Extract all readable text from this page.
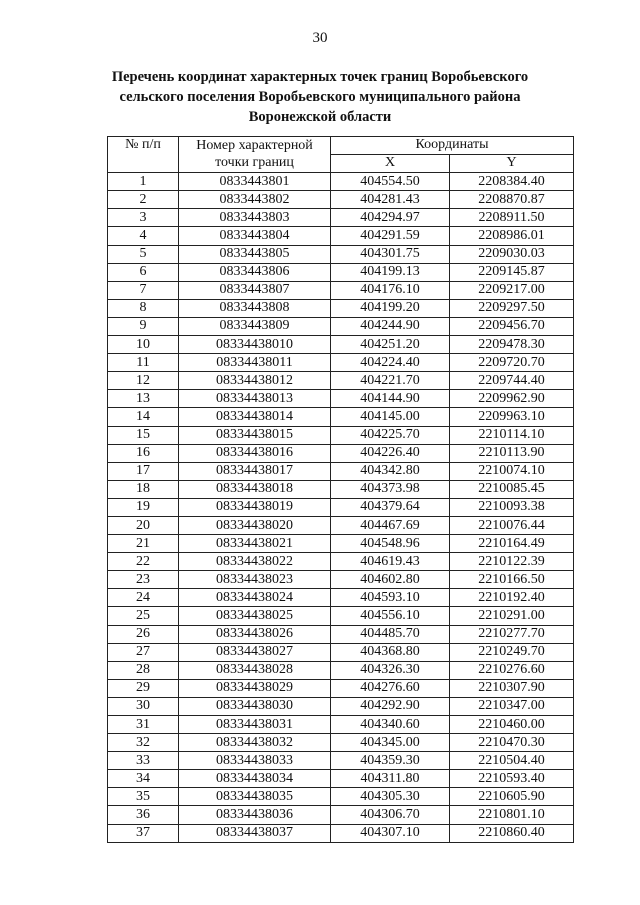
30
Перечень координат характерных точек границ Воробьевского
сельского поселения Воробьевского муниципального района
Воронежской области
№ п/п	Номер характерной точки границ	Координаты	
		X	Y
1	0833443801	404554.50	2208384.40
2	0833443802	404281.43	2208870.87
3	0833443803	404294.97	2208911.50
4	0833443804	404291.59	2208986.01
5	0833443805	404301.75	2209030.03
6	0833443806	404199.13	2209145.87
7	0833443807	404176.10	2209217.00
8	0833443808	404199.20	2209297.50
9	0833443809	404244.90	2209456.70
10	08334438010	404251.20	2209478.30
11	08334438011	404224.40	2209720.70
12	08334438012	404221.70	2209744.40
13	08334438013	404144.90	2209962.90
14	08334438014	404145.00	2209963.10
15	08334438015	404225.70	2210114.10
16	08334438016	404226.40	2210113.90
17	08334438017	404342.80	2210074.10
18	08334438018	404373.98	2210085.45
19	08334438019	404379.64	2210093.38
20	08334438020	404467.69	2210076.44
21	08334438021	404548.96	2210164.49
22	08334438022	404619.43	2210122.39
23	08334438023	404602.80	2210166.50
24	08334438024	404593.10	2210192.40
25	08334438025	404556.10	2210291.00
26	08334438026	404485.70	2210277.70
27	08334438027	404368.80	2210249.70
28	08334438028	404326.30	2210276.60
29	08334438029	404276.60	2210307.90
30	08334438030	404292.90	2210347.00
31	08334438031	404340.60	2210460.00
32	08334438032	404345.00	2210470.30
33	08334438033	404359.30	2210504.40
34	08334438034	404311.80	2210593.40
35	08334438035	404305.30	2210605.90
36	08334438036	404306.70	2210801.10
37	08334438037	404307.10	2210860.40
